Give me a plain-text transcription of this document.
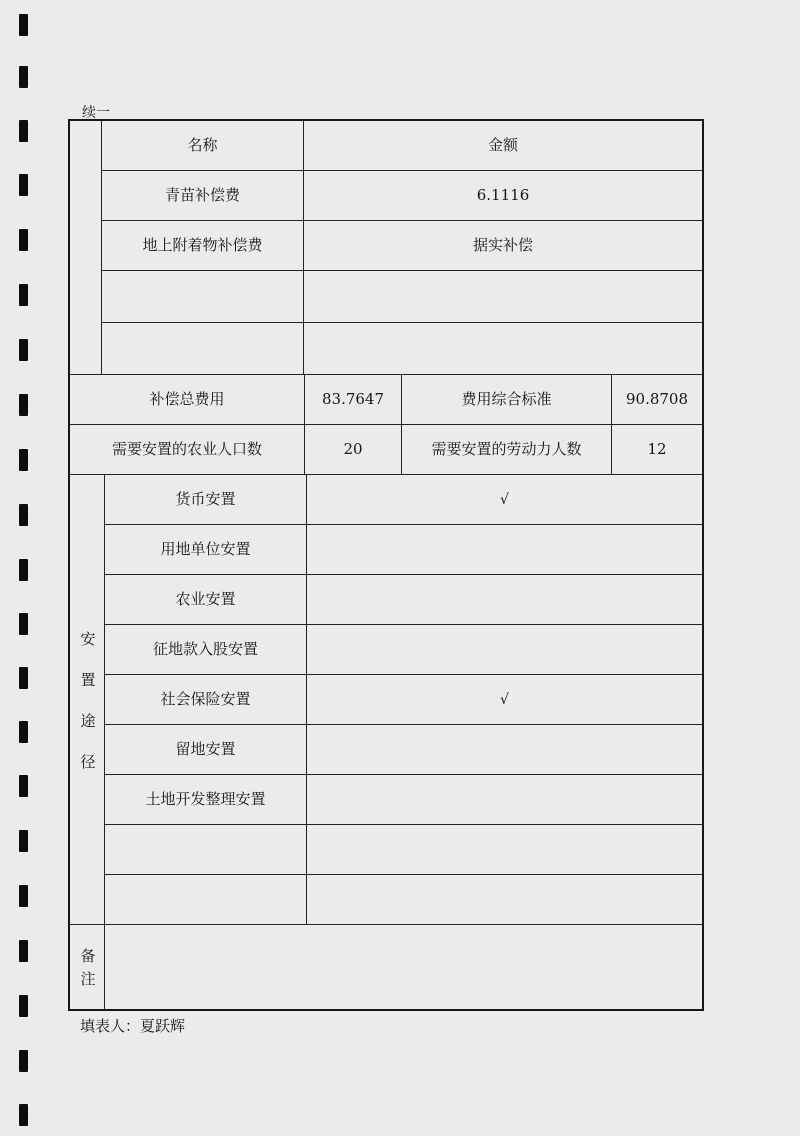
续一
名称	金额
青苗补偿费	6.1116
地上附着物补偿费	据实补偿
补偿总费用	83.7647	费用综合标准	90.8708
需要安置的农业人口数	20	需要安置的劳动力人数	12
安置途径
货币安置	√
用地单位安置
农业安置
征地款入股安置
社会保险安置	√
留地安置
土地开发整理安置
备注
填表人：夏跃辉
